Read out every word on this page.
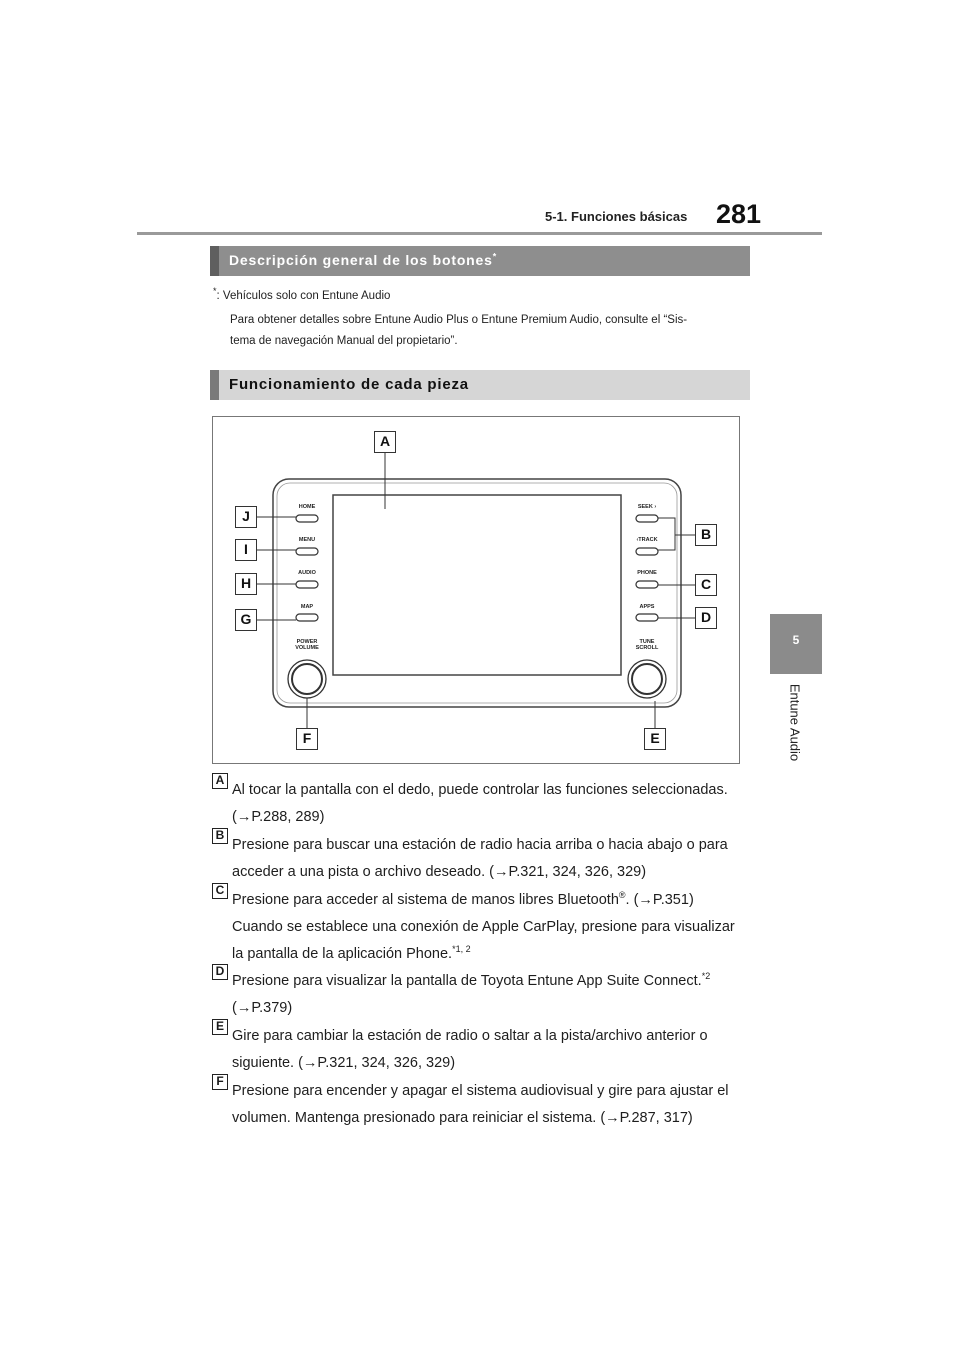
5-1. Funciones básicas 281
5
Entune Audio
Descripción general de los botones*
*: Vehículos solo con Entune Audio
Para obtener detalles sobre Entune Audio Plus o Entune Premium Audio, consulte el “Sis-
tema de navegación Manual del propietario”.
Funcionamiento de cada pieza
HOME
MENU
AUDIO
MAP
POWER
VOLUME
SEEK ›
‹TRACK
PHONE
APPS
TUNE
SCROLL
A
J
I
H
G
B
C
D
F	E
A
Al tocar la pantalla con el dedo, puede controlar las funciones seleccionadas.
(→P.288, 289)
B
Presione para buscar una estación de radio hacia arriba o hacia abajo o para
acceder a una pista o archivo deseado. (→P.321, 324, 326, 329)
C
Presione para acceder al sistema de manos libres Bluetooth®. (→P.351)
Cuando se establece una conexión de Apple CarPlay, presione para visualizar
la pantalla de la aplicación Phone.$^{*1, 2}$
D
Presione para visualizar la pantalla de Toyota Entune App Suite Connect.$^{*2}$
(→P.379)
E
Gire para cambiar la estación de radio o saltar a la pista/archivo anterior o
siguiente. (→P.321, 324, 326, 329)
F
Presione para encender y apagar el sistema audiovisual y gire para ajustar el
volumen. Mantenga presionado para reiniciar el sistema. (→P.287, 317)
